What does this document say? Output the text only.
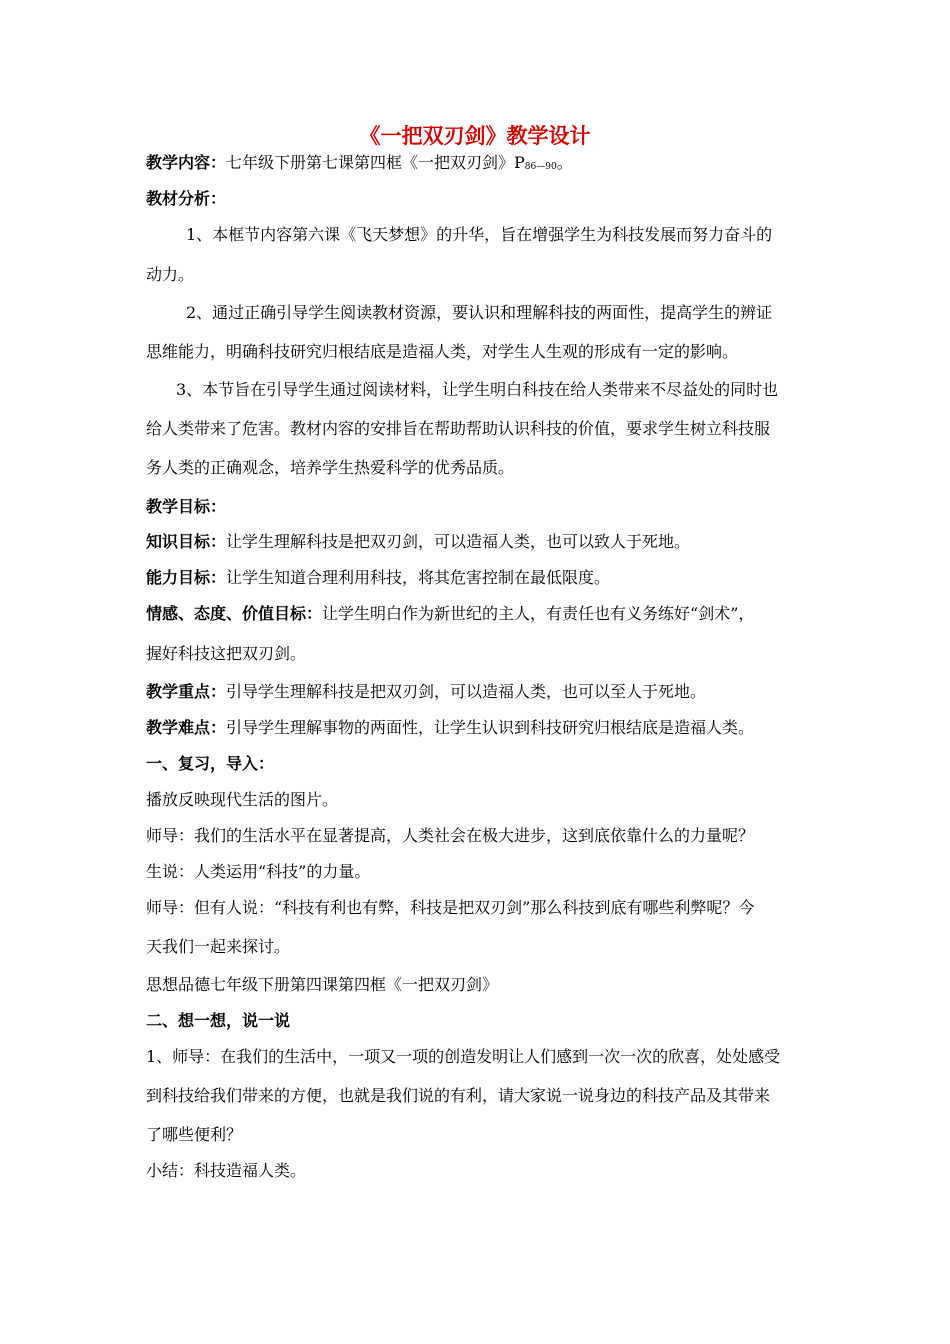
《一把双刃剑》教学设计

教学内容：七年级下册第七课第四框《一把双刃剑》P86—90。

教材分析：

1、本框节内容第六课《飞天梦想》的升华，旨在增强学生为科技发展而努力奋斗的

动力。

2、通过正确引导学生阅读教材资源，要认识和理解科技的两面性，提高学生的辨证

思维能力，明确科技研究归根结底是造福人类，对学生人生观的形成有一定的影响。

3、本节旨在引导学生通过阅读材料，让学生明白科技在给人类带来不尽益处的同时也

给人类带来了危害。教材内容的安排旨在帮助帮助认识科技的价值，要求学生树立科技服

务人类的正确观念，培养学生热爱科学的优秀品质。

教学目标：

知识目标：让学生理解科技是把双刃剑，可以造福人类，也可以致人于死地。

能力目标：让学生知道合理利用科技，将其危害控制在最低限度。

情感、态度、价值目标：让学生明白作为新世纪的主人，有责任也有义务练好“剑术”，

握好科技这把双刃剑。

教学重点：引导学生理解科技是把双刃剑，可以造福人类，也可以至人于死地。

教学难点：引导学生理解事物的两面性，让学生认识到科技研究归根结底是造福人类。

一、复习，导入：

播放反映现代生活的图片。

师导：我们的生活水平在显著提高，人类社会在极大进步，这到底依靠什么的力量呢？

生说：人类运用“科技”的力量。

师导：但有人说：“科技有利也有弊，科技是把双刃剑”那么科技到底有哪些利弊呢？今

天我们一起来探讨。

思想品德七年级下册第四课第四框《一把双刃剑》

二、想一想，说一说

1、师导：在我们的生活中，一项又一项的创造发明让人们感到一次一次的欣喜，处处感受

到科技给我们带来的方便，也就是我们说的有利，请大家说一说身边的科技产品及其带来

了哪些便利？

小结：科技造福人类。
